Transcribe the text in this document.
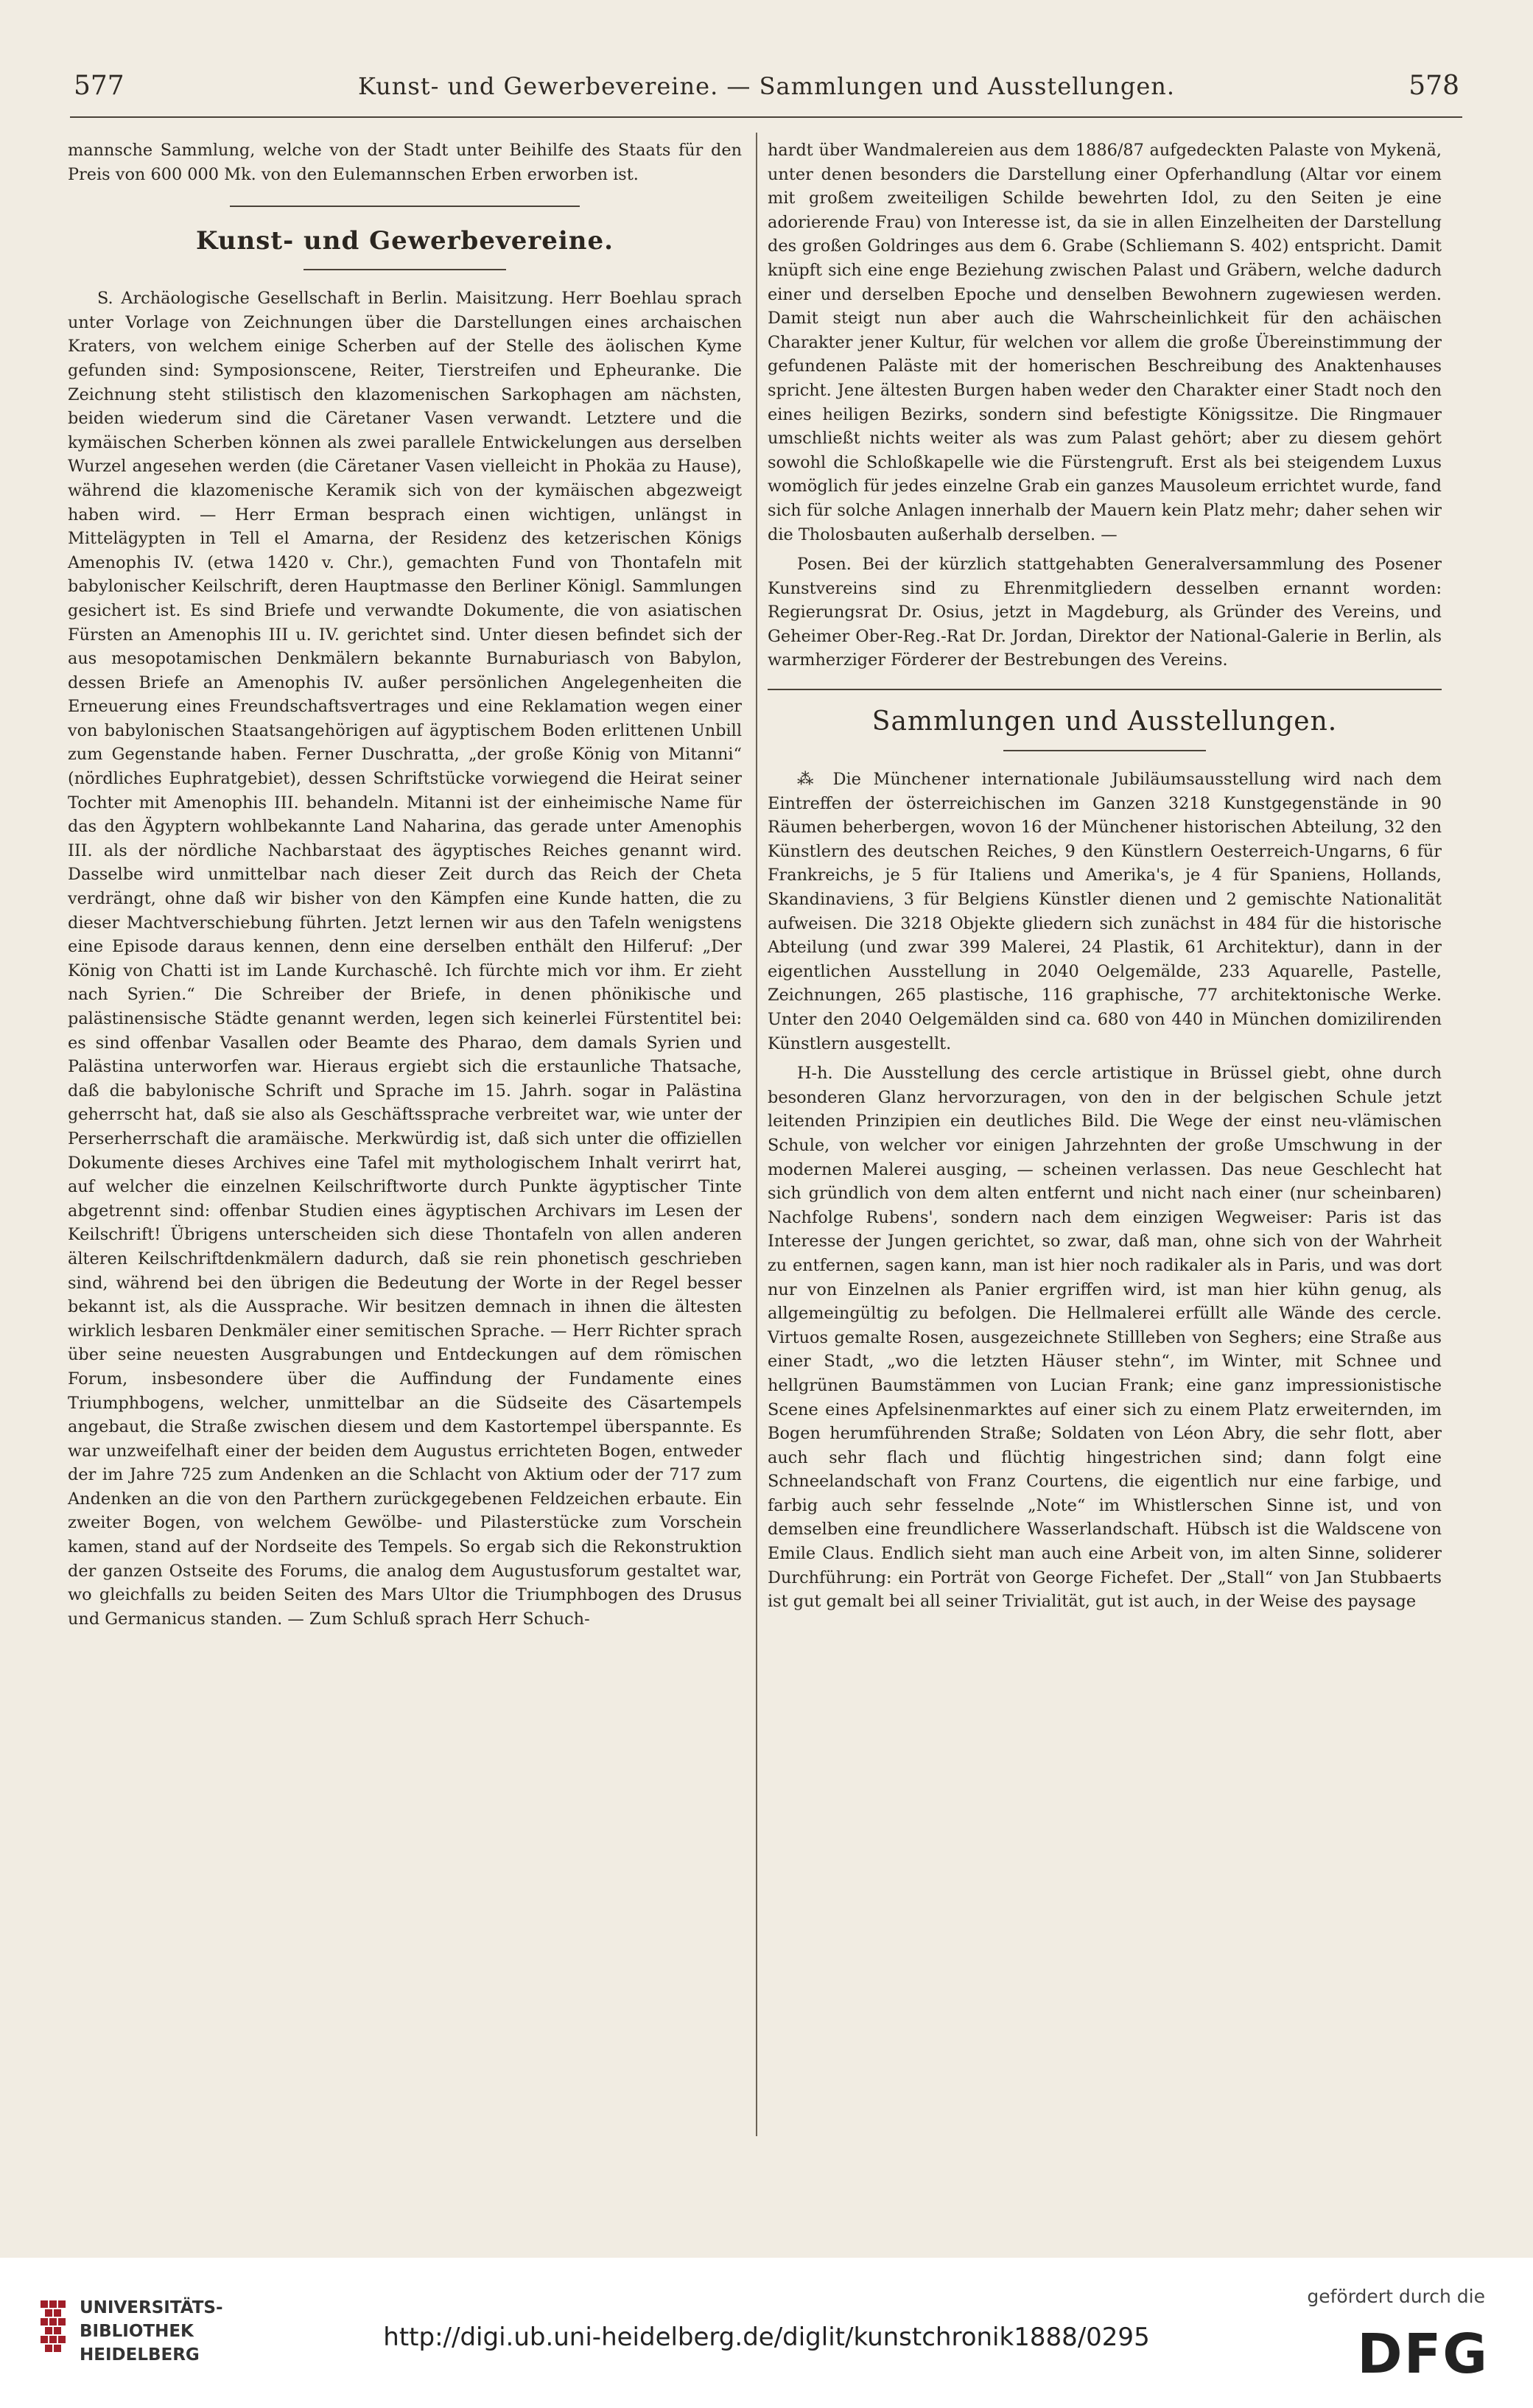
577	Kunst- und Gewerbevereine. — Sammlungen und Ausstellungen.	578

mannsche Sammlung, welche von der Stadt unter Beihilfe des Staats für den Preis von 600 000 Mk. von den Eulemannschen Erben erworben ist.

Kunst- und Gewerbevereine.

S. Archäologische Gesellschaft in Berlin. Maisitzung. Herr Boehlau sprach unter Vorlage von Zeichnungen über die Darstellungen eines archaischen Kraters, von welchem einige Scherben auf der Stelle des äolischen Kyme gefunden sind: Symposionscene, Reiter, Tierstreifen und Epheuranke. Die Zeichnung steht stilistisch den klazomenischen Sarkophagen am nächsten, beiden wiederum sind die Cäretaner Vasen verwandt. Letztere und die kymäischen Scherben können als zwei parallele Entwickelungen aus derselben Wurzel angesehen werden (die Cäretaner Vasen vielleicht in Phokäa zu Hause), während die klazomenische Keramik sich von der kymäischen abgezweigt haben wird. — Herr Erman besprach einen wichtigen, unlängst in Mittelägypten in Tell el Amarna, der Residenz des ketzerischen Königs Amenophis IV. (etwa 1420 v. Chr.), gemachten Fund von Thontafeln mit babylonischer Keilschrift, deren Hauptmasse den Berliner Königl. Sammlungen gesichert ist. Es sind Briefe und verwandte Dokumente, die von asiatischen Fürsten an Amenophis III u. IV. gerichtet sind. Unter diesen befindet sich der aus mesopotamischen Denkmälern bekannte Burnaburiasch von Babylon, dessen Briefe an Amenophis IV. außer persönlichen Angelegenheiten die Erneuerung eines Freundschaftsvertrages und eine Reklamation wegen einer von babylonischen Staatsangehörigen auf ägyptischem Boden erlittenen Unbill zum Gegenstande haben. Ferner Duschratta, „der große König von Mitanni“ (nördliches Euphratgebiet), dessen Schriftstücke vorwiegend die Heirat seiner Tochter mit Amenophis III. behandeln. Mitanni ist der einheimische Name für das den Ägyptern wohlbekannte Land Naharina, das gerade unter Amenophis III. als der nördliche Nachbarstaat des ägyptisches Reiches genannt wird. Dasselbe wird unmittelbar nach dieser Zeit durch das Reich der Cheta verdrängt, ohne daß wir bisher von den Kämpfen eine Kunde hatten, die zu dieser Machtverschiebung führten. Jetzt lernen wir aus den Tafeln wenigstens eine Episode daraus kennen, denn eine derselben enthält den Hilferuf: „Der König von Chatti ist im Lande Kurchaschê. Ich fürchte mich vor ihm. Er zieht nach Syrien.“ Die Schreiber der Briefe, in denen phönikische und palästinensische Städte genannt werden, legen sich keinerlei Fürstentitel bei: es sind offenbar Vasallen oder Beamte des Pharao, dem damals Syrien und Palästina unterworfen war. Hieraus ergiebt sich die erstaunliche Thatsache, daß die babylonische Schrift und Sprache im 15. Jahrh. sogar in Palästina geherrscht hat, daß sie also als Geschäftssprache verbreitet war, wie unter der Perserherrschaft die aramäische. Merkwürdig ist, daß sich unter die offiziellen Dokumente dieses Archives eine Tafel mit mythologischem Inhalt verirrt hat, auf welcher die einzelnen Keilschriftworte durch Punkte ägyptischer Tinte abgetrennt sind: offenbar Studien eines ägyptischen Archivars im Lesen der Keilschrift! Übrigens unterscheiden sich diese Thontafeln von allen anderen älteren Keilschriftdenkmälern dadurch, daß sie rein phonetisch geschrieben sind, während bei den übrigen die Bedeutung der Worte in der Regel besser bekannt ist, als die Aussprache. Wir besitzen demnach in ihnen die ältesten wirklich lesbaren Denkmäler einer semitischen Sprache. — Herr Richter sprach über seine neuesten Ausgrabungen und Entdeckungen auf dem römischen Forum, insbesondere über die Auffindung der Fundamente eines Triumphbogens, welcher, unmittelbar an die Südseite des Cäsartempels angebaut, die Straße zwischen diesem und dem Kastortempel überspannte. Es war unzweifelhaft einer der beiden dem Augustus errichteten Bogen, entweder der im Jahre 725 zum Andenken an die Schlacht von Aktium oder der 717 zum Andenken an die von den Parthern zurückgegebenen Feldzeichen erbaute. Ein zweiter Bogen, von welchem Gewölbe- und Pilasterstücke zum Vorschein kamen, stand auf der Nordseite des Tempels. So ergab sich die Rekonstruktion der ganzen Ostseite des Forums, die analog dem Augustusforum gestaltet war, wo gleichfalls zu beiden Seiten des Mars Ultor die Triumphbogen des Drusus und Germanicus standen. — Zum Schluß sprach Herr Schuch-

hardt über Wandmalereien aus dem 1886/87 aufgedeckten Palaste von Mykenä, unter denen besonders die Darstellung einer Opferhandlung (Altar vor einem mit großem zweiteiligen Schilde bewehrten Idol, zu den Seiten je eine adorierende Frau) von Interesse ist, da sie in allen Einzelheiten der Darstellung des großen Goldringes aus dem 6. Grabe (Schliemann S. 402) entspricht. Damit knüpft sich eine enge Beziehung zwischen Palast und Gräbern, welche dadurch einer und derselben Epoche und denselben Bewohnern zugewiesen werden. Damit steigt nun aber auch die Wahrscheinlichkeit für den achäischen Charakter jener Kultur, für welchen vor allem die große Übereinstimmung der gefundenen Paläste mit der homerischen Beschreibung des Anaktenhauses spricht. Jene ältesten Burgen haben weder den Charakter einer Stadt noch den eines heiligen Bezirks, sondern sind befestigte Königssitze. Die Ringmauer umschließt nichts weiter als was zum Palast gehört; aber zu diesem gehört sowohl die Schloßkapelle wie die Fürstengruft. Erst als bei steigendem Luxus womöglich für jedes einzelne Grab ein ganzes Mausoleum errichtet wurde, fand sich für solche Anlagen innerhalb der Mauern kein Platz mehr; daher sehen wir die Tholosbauten außerhalb derselben. —

Posen. Bei der kürzlich stattgehabten Generalversammlung des Posener Kunstvereins sind zu Ehrenmitgliedern desselben ernannt worden: Regierungsrat Dr. Osius, jetzt in Magdeburg, als Gründer des Vereins, und Geheimer Ober-Reg.-Rat Dr. Jordan, Direktor der National-Galerie in Berlin, als warmherziger Förderer der Bestrebungen des Vereins.

Sammlungen und Ausstellungen.

⁂ Die Münchener internationale Jubiläumsausstellung wird nach dem Eintreffen der österreichischen im Ganzen 3218 Kunstgegenstände in 90 Räumen beherbergen, wovon 16 der Münchener historischen Abteilung, 32 den Künstlern des deutschen Reiches, 9 den Künstlern Oesterreich-Ungarns, 6 für Frankreichs, je 5 für Italiens und Amerika's, je 4 für Spaniens, Hollands, Skandinaviens, 3 für Belgiens Künstler dienen und 2 gemischte Nationalität aufweisen. Die 3218 Objekte gliedern sich zunächst in 484 für die historische Abteilung (und zwar 399 Malerei, 24 Plastik, 61 Architektur), dann in der eigentlichen Ausstellung in 2040 Oelgemälde, 233 Aquarelle, Pastelle, Zeichnungen, 265 plastische, 116 graphische, 77 architektonische Werke. Unter den 2040 Oelgemälden sind ca. 680 von 440 in München domizilirenden Künstlern ausgestellt.

H-h. Die Ausstellung des cercle artistique in Brüssel giebt, ohne durch besonderen Glanz hervorzuragen, von den in der belgischen Schule jetzt leitenden Prinzipien ein deutliches Bild. Die Wege der einst neu-vlämischen Schule, von welcher vor einigen Jahrzehnten der große Umschwung in der modernen Malerei ausging, — scheinen verlassen. Das neue Geschlecht hat sich gründlich von dem alten entfernt und nicht nach einer (nur scheinbaren) Nachfolge Rubens', sondern nach dem einzigen Wegweiser: Paris ist das Interesse der Jungen gerichtet, so zwar, daß man, ohne sich von der Wahrheit zu entfernen, sagen kann, man ist hier noch radikaler als in Paris, und was dort nur von Einzelnen als Panier ergriffen wird, ist man hier kühn genug, als allgemeingültig zu befolgen. Die Hellmalerei erfüllt alle Wände des cercle. Virtuos gemalte Rosen, ausgezeichnete Stillleben von Seghers; eine Straße aus einer Stadt, „wo die letzten Häuser stehn“, im Winter, mit Schnee und hellgrünen Baumstämmen von Lucian Frank; eine ganz impressionistische Scene eines Apfelsinenmarktes auf einer sich zu einem Platz erweiternden, im Bogen herumführenden Straße; Soldaten von Léon Abry, die sehr flott, aber auch sehr flach und flüchtig hingestrichen sind; dann folgt eine Schneelandschaft von Franz Courtens, die eigentlich nur eine farbige, und farbig auch sehr fesselnde „Note“ im Whistlerschen Sinne ist, und von demselben eine freundlichere Wasserlandschaft. Hübsch ist die Waldscene von Emile Claus. Endlich sieht man auch eine Arbeit von, im alten Sinne, soliderer Durchführung: ein Porträt von George Fichefet. Der „Stall“ von Jan Stubbaerts ist gut gemalt bei all seiner Trivialität, gut ist auch, in der Weise des paysage

UNIVERSITÄTS-
BIBLIOTHEK
HEIDELBERG
http://digi.ub.uni-heidelberg.de/diglit/kunstchronik1888/0295
gefördert durch die
DFG
